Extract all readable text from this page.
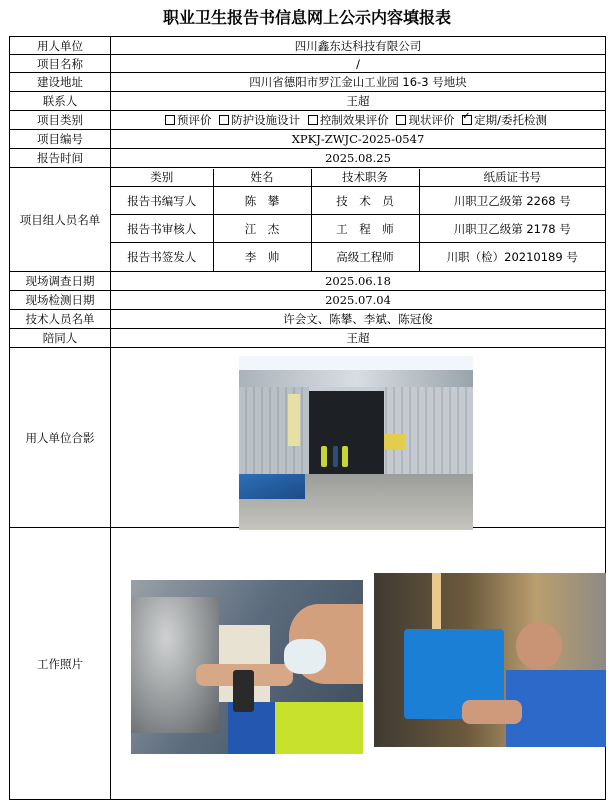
职业卫生报告书信息网上公示内容填报表
用人单位	四川鑫东达科技有限公司
项目名称	/
建设地址	四川省德阳市罗江金山工业园 16-3 号地块
联系人	王超
项目类别	预评价 防护设施设计 控制效果评价 现状评价 ✓ 定期/委托检测
项目编号	XPKJ-ZWJC-2025-0547
报告时间	2025.08.25
项目组人员名单	
类别	姓名	技术职务	纸质证书号
报告书编写人	陈　攀	技　术　员	川职卫乙级第 2268 号
报告书审核人	江　杰	工　程　师	川职卫乙级第 2178 号
报告书签发人	李　帅	高级工程师	川职（检）20210189 号

现场调查日期	2025.06.18
现场检测日期	2025.07.04
技术人员名单	许会文、陈攀、李斌、陈冠俊
陪同人	王超
用人单位合影	
工作照片	
